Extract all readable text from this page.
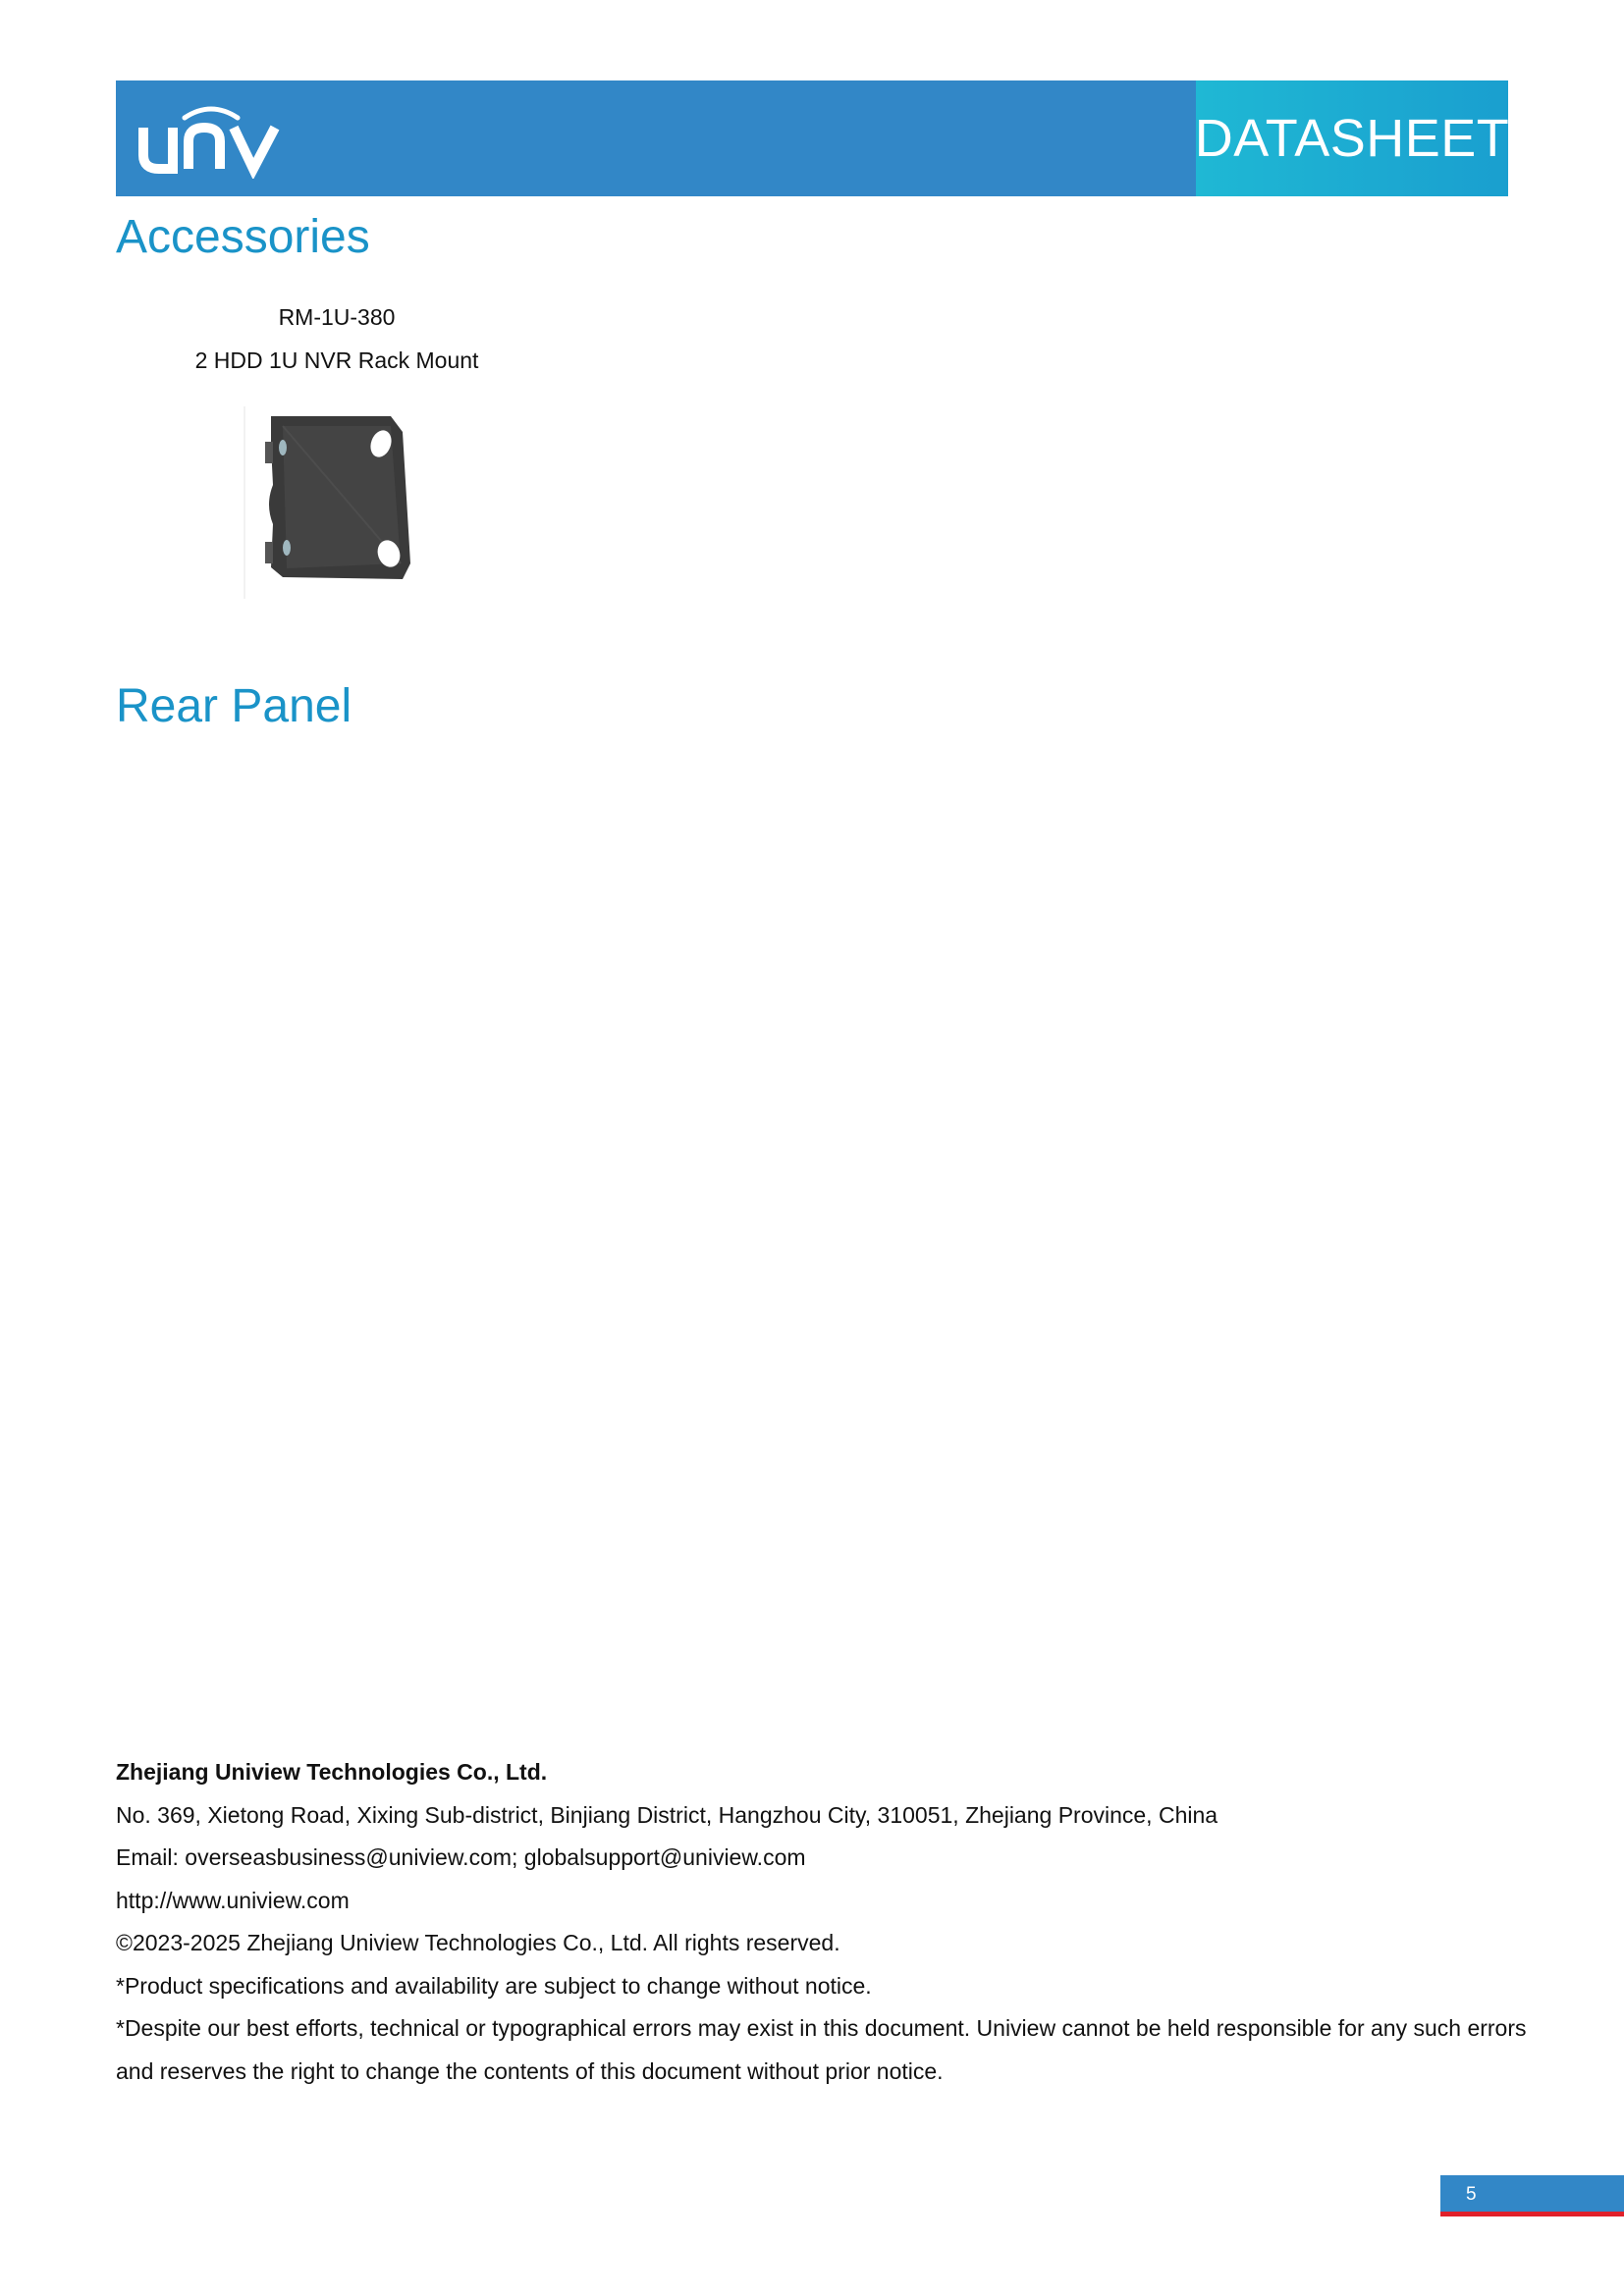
DATASHEET
Accessories
RM-1U-380
2 HDD 1U NVR Rack Mount
Rear Panel

Zhejiang Uniview Technologies Co., Ltd.

No. 369, Xietong Road, Xixing Sub-district, Binjiang District, Hangzhou City, 310051, Zhejiang Province, China

Email: overseasbusiness@uniview.com; globalsupport@uniview.com

http://www.uniview.com

©2023-2025 Zhejiang Uniview Technologies Co., Ltd. All rights reserved.

*Product specifications and availability are subject to change without notice.

*Despite our best efforts, technical or typographical errors may exist in this document. Uniview cannot be held responsible for any such errors and reserves the right to change the contents of this document without prior notice.

5
